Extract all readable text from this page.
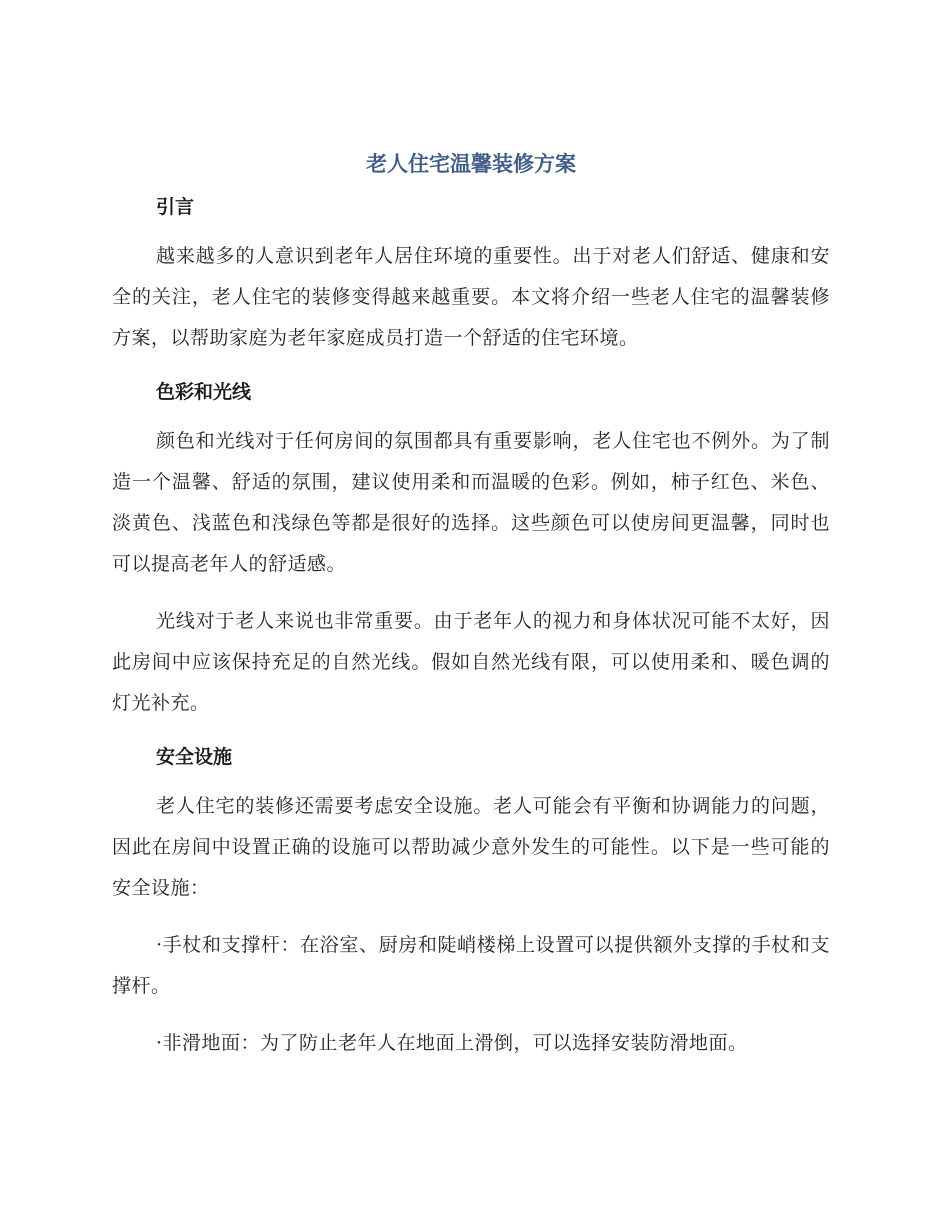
老人住宅温馨装修方案
引言

越来越多的人意识到老年人居住环境的重要性。出于对老人们舒适、健康和安全的关注，老人住宅的装修变得越来越重要。本文将介绍一些老人住宅的温馨装修方案，以帮助家庭为老年家庭成员打造一个舒适的住宅环境。

色彩和光线

颜色和光线对于任何房间的氛围都具有重要影响，老人住宅也不例外。为了制造一个温馨、舒适的氛围，建议使用柔和而温暖的色彩。例如，柿子红色、米色、淡黄色、浅蓝色和浅绿色等都是很好的选择。这些颜色可以使房间更温馨，同时也可以提高老年人的舒适感。

光线对于老人来说也非常重要。由于老年人的视力和身体状况可能不太好，因此房间中应该保持充足的自然光线。假如自然光线有限，可以使用柔和、暖色调的灯光补充。

安全设施

老人住宅的装修还需要考虑安全设施。老人可能会有平衡和协调能力的问题，因此在房间中设置正确的设施可以帮助减少意外发生的可能性。以下是一些可能的安全设施：

·手杖和支撑杆：在浴室、厨房和陡峭楼梯上设置可以提供额外支撑的手杖和支撑杆。

·非滑地面：为了防止老年人在地面上滑倒，可以选择安装防滑地面。
